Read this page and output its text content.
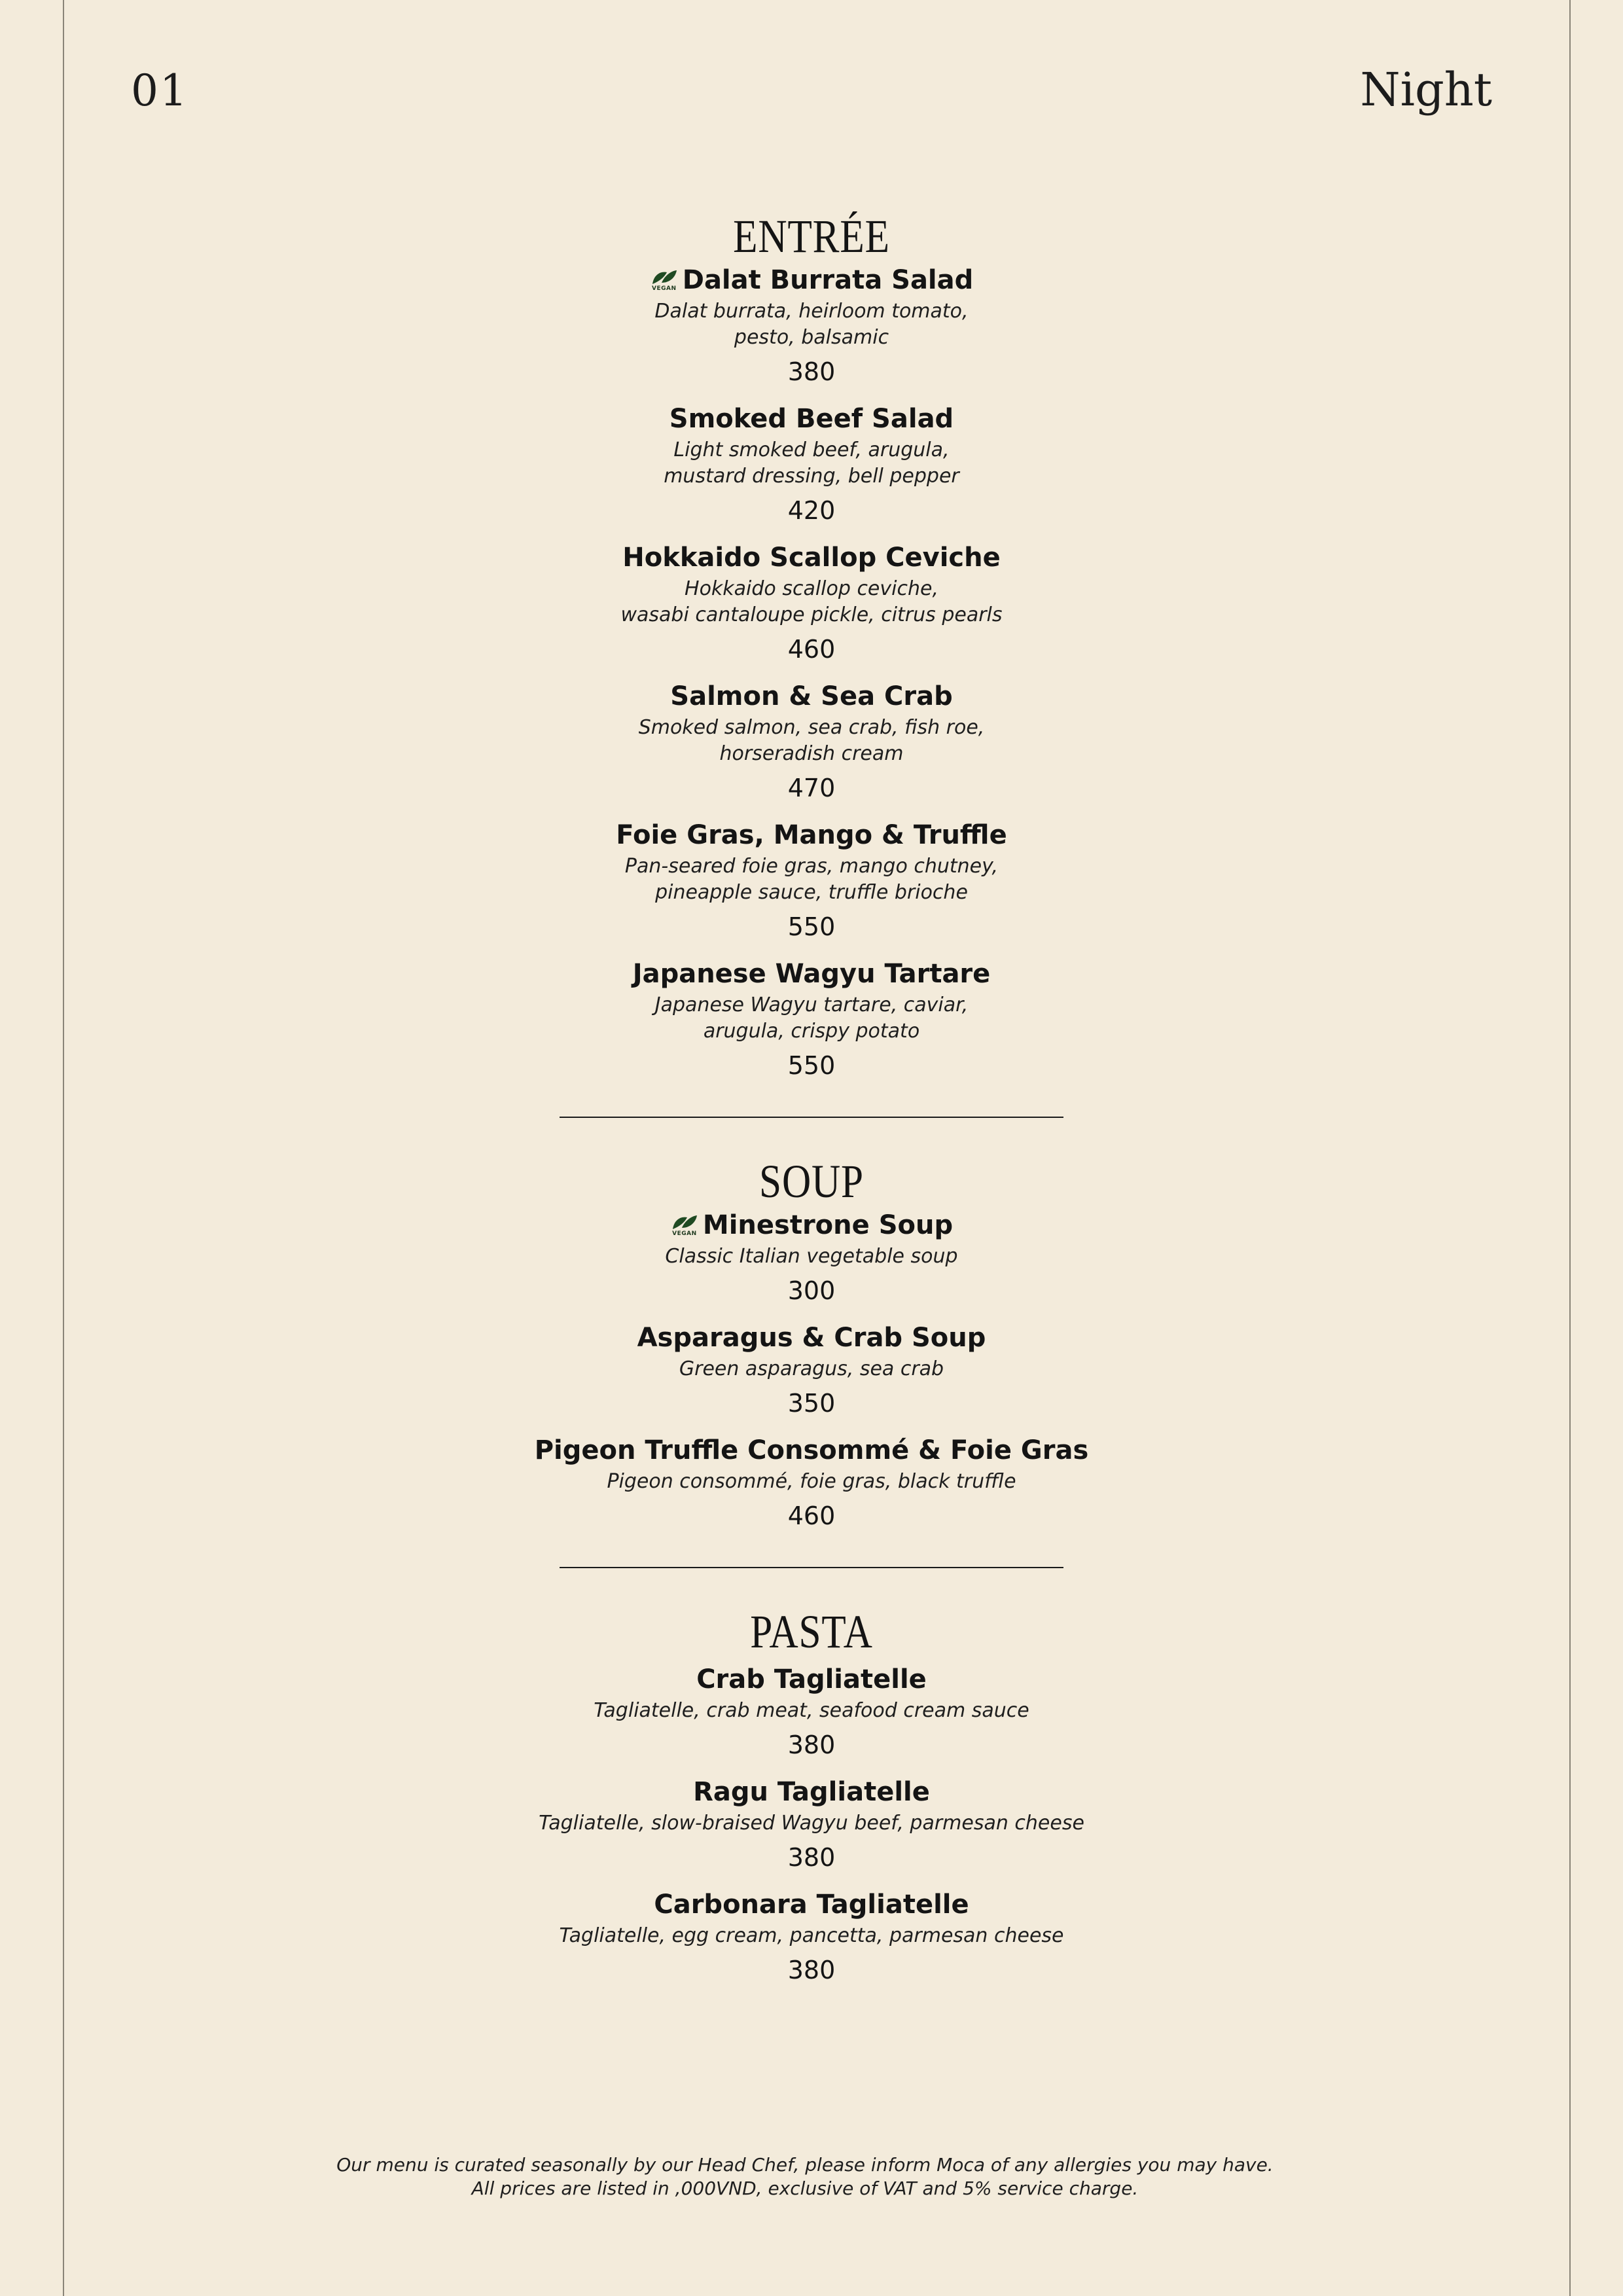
01	Night
ENTRÉE
VEGAN Dalat Burrata Salad
Dalat burrata, heirloom tomato,
pesto, balsamic
380
Smoked Beef Salad
Light smoked beef, arugula,
mustard dressing, bell pepper
420
Hokkaido Scallop Ceviche
Hokkaido scallop ceviche,
wasabi cantaloupe pickle, citrus pearls
460
Salmon & Sea Crab
Smoked salmon, sea crab, fish roe,
horseradish cream
470
Foie Gras, Mango & Truffle
Pan-seared foie gras, mango chutney,
pineapple sauce, truffle brioche
550
Japanese Wagyu Tartare
Japanese Wagyu tartare, caviar,
arugula, crispy potato
550
SOUP
VEGAN Minestrone Soup
Classic Italian vegetable soup
300
Asparagus & Crab Soup
Green asparagus, sea crab
350
Pigeon Truffle Consommé & Foie Gras
Pigeon consommé, foie gras, black truffle
460
PASTA
Crab Tagliatelle
Tagliatelle, crab meat, seafood cream sauce
380
Ragu Tagliatelle
Tagliatelle, slow-braised Wagyu beef, parmesan cheese
380
Carbonara Tagliatelle
Tagliatelle, egg cream, pancetta, parmesan cheese
380
Our menu is curated seasonally by our Head Chef, please inform Moca of any allergies you may have.
All prices are listed in ,000VND, exclusive of VAT and 5% service charge.
